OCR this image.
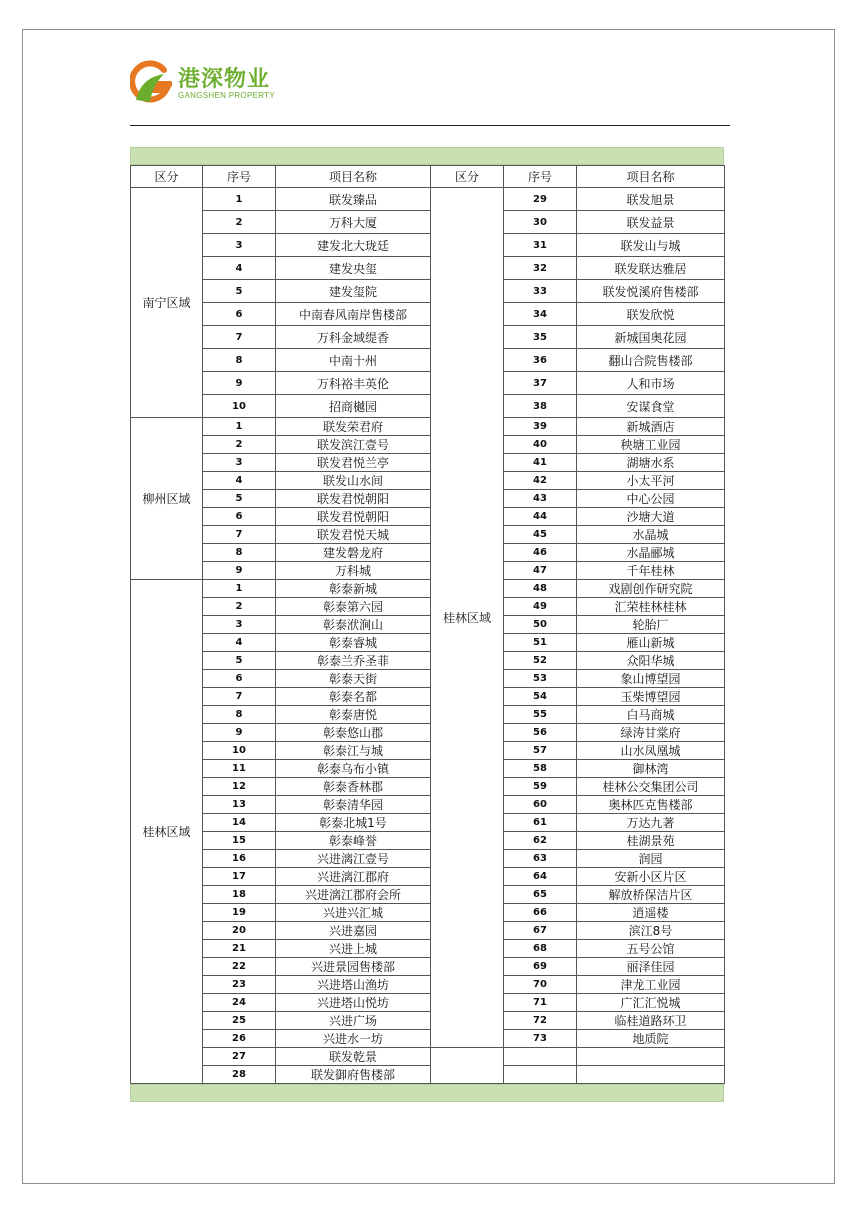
港深物业
GANGSHEN PROPERTY
区分	序号	项目名称	区分	序号	项目名称
南宁区域	1	联发臻品	桂林区域	29	联发旭景
	2	万科大厦		30	联发益景
	3	建发北大珑廷		31	联发山与城
	4	建发央玺		32	联发联达雅居
	5	建发玺院		33	联发悦溪府售楼部
	6	中南春风南岸售楼部		34	联发欣悦
	7	万科金域缇香		35	新城国奥花园
	8	中南十州		36	翻山合院售楼部
	9	万科裕丰英伦		37	人和市场
	10	招商樾园		38	安谋食堂
柳州区域	1	联发荣君府		39	新城酒店
	2	联发滨江壹号		40	秧塘工业园
	3	联发君悦兰亭		41	湖塘水系
	4	联发山水间		42	小太平河
	5	联发君悦朝阳		43	中心公园
	6	联发君悦朝阳		44	沙塘大道
	7	联发君悦天城		45	水晶城
	8	建发磐龙府		46	水晶郦城
	9	万科城		47	千年桂林
桂林区域	1	彰泰新城		48	戏剧创作研究院
	2	彰泰第六园		49	汇荣桂林桂林
	3	彰泰洑涧山		50	轮胎厂
	4	彰泰睿城		51	雁山新城
	5	彰泰兰乔圣菲		52	众阳华城
	6	彰泰天街		53	象山博望园
	7	彰泰名都		54	玉柴博望园
	8	彰泰唐悦		55	白马商城
	9	彰泰悠山郡		56	绿涛甘棠府
	10	彰泰江与城		57	山水凤凰城
	11	彰泰乌布小镇		58	御林湾
	12	彰泰香林郡		59	桂林公交集团公司
	13	彰泰清华园		60	奥林匹克售楼部
	14	彰泰北城1号		61	万达九著
	15	彰泰峰誉		62	桂湖景苑
	16	兴进漓江壹号		63	润园
	17	兴进漓江郡府		64	安新小区片区
	18	兴进漓江郡府会所		65	解放桥保洁片区
	19	兴进兴汇城		66	逍遥楼
	20	兴进嘉园		67	滨江8号
	21	兴进上城		68	五号公馆
	22	兴进景园售楼部		69	丽泽佳园
	23	兴进塔山渔坊		70	津龙工业园
	24	兴进塔山悦坊		71	广汇汇悦城
	25	兴进广场		72	临桂道路环卫
	26	兴进水一坊		73	地质院
	27	联发乾景			
	28	联发御府售楼部			
